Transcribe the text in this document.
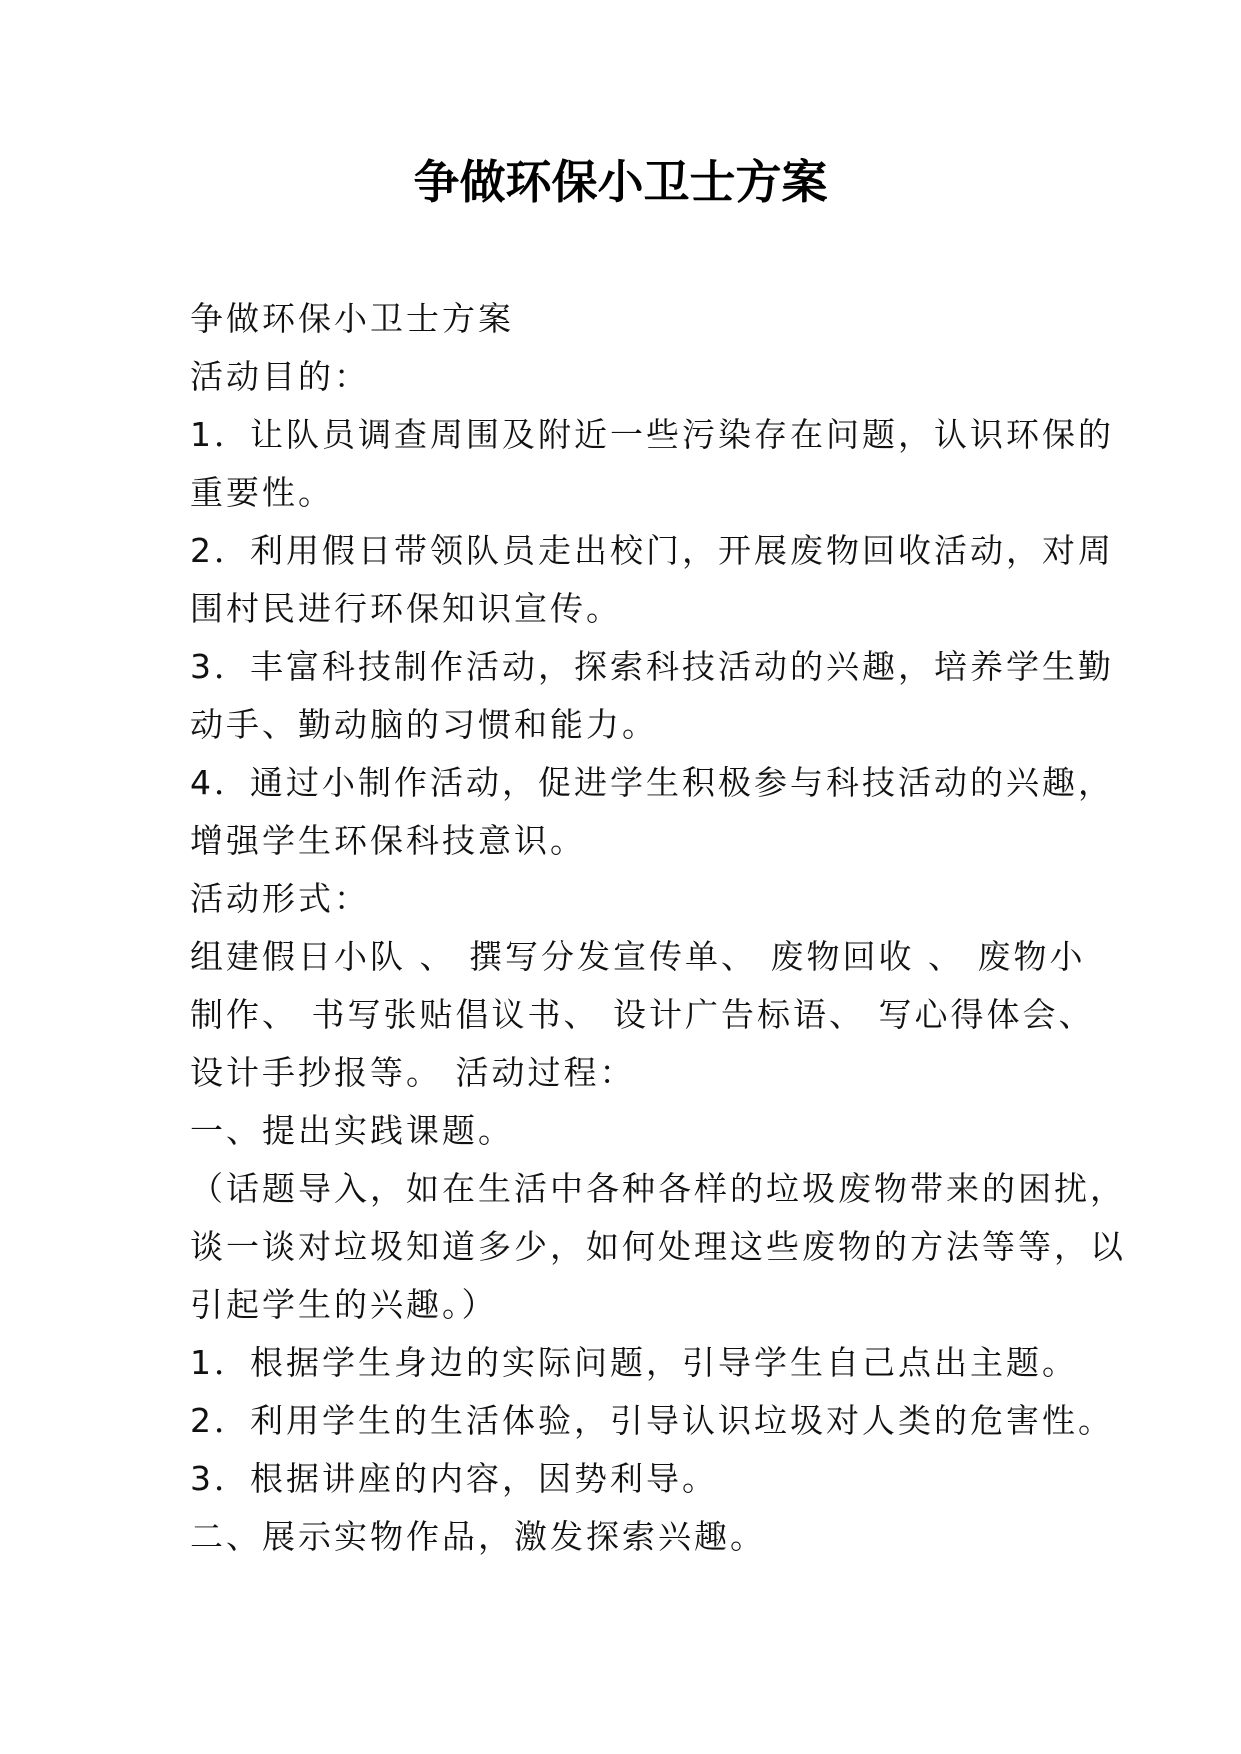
争做环保小卫士方案

争做环保小卫士方案

活动目的：

1．让队员调查周围及附近一些污染存在问题，认识环保的

重要性。

2．利用假日带领队员走出校门，开展废物回收活动，对周

围村民进行环保知识宣传。

3．丰富科技制作活动，探索科技活动的兴趣，培养学生勤

动手、勤动脑的习惯和能力。

4．通过小制作活动，促进学生积极参与科技活动的兴趣，

增强学生环保科技意识。

活动形式：

组建假日小队 、 撰写分发宣传单、 废物回收 、 废物小

制作、 书写张贴倡议书、 设计广告标语、 写心得体会、

设计手抄报等。 活动过程：

一、提出实践课题。

（话题导入，如在生活中各种各样的垃圾废物带来的困扰，

谈一谈对垃圾知道多少，如何处理这些废物的方法等等，以

引起学生的兴趣。）

1．根据学生身边的实际问题，引导学生自己点出主题。

2．利用学生的生活体验，引导认识垃圾对人类的危害性。

3．根据讲座的内容，因势利导。

二、展示实物作品，激发探索兴趣。
